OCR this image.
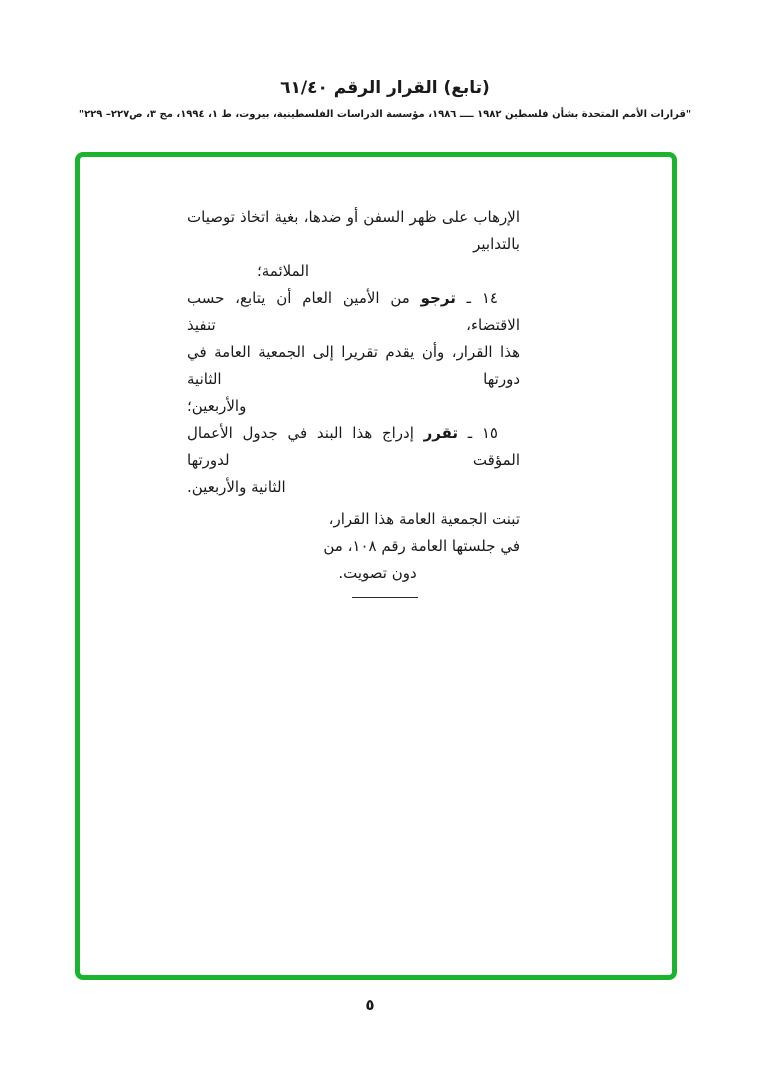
(تابع) القرار الرقم ٦١/٤٠
"قرارات الأمم المتحدة بشأن فلسطين ١٩٨٢ ــــ ١٩٨٦، مؤسسة الدراسات الفلسطينية، بيروت، ط ١، ١٩٩٤، مج ٣، ص٢٢٧– ٢٢٩"
الإرهاب على ظهر السفن أو ضدها، بغية اتخاذ توصيات بالتدابير
الملائمة؛
١٤ ـ ترجو من الأمين العام أن يتابع، حسب الاقتضاء، تنفيذ
هذا القرار، وأن يقدم تقريرا إلى الجمعية العامة في دورتها الثانية
والأربعين؛
١٥ ـ تقرر إدراج هذا البند في جدول الأعمال المؤقت لدورتها
الثانية والأربعين.
تبنت الجمعية العامة هذا القرار،
في جلستها العامة رقم ١٠٨، من
دون تصويت.
٥
